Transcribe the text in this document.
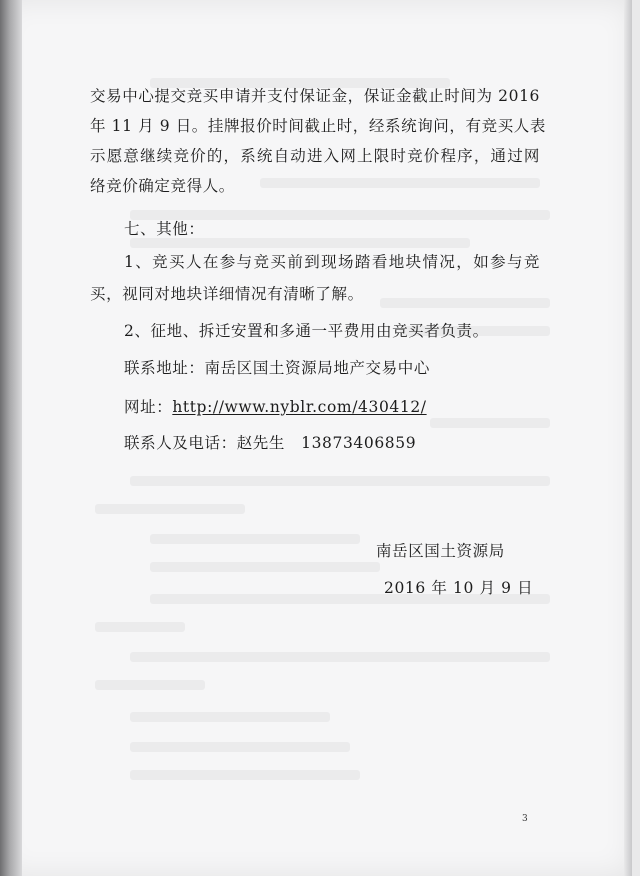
交易中心提交竞买申请并支付保证金，保证金截止时间为 2016
年 11 月 9 日。挂牌报价时间截止时，经系统询问，有竞买人表
示愿意继续竞价的，系统自动进入网上限时竞价程序，通过网
络竞价确定竞得人。
七、其他：
1、竞买人在参与竞买前到现场踏看地块情况，如参与竞
买，视同对地块详细情况有清晰了解。
2、征地、拆迁安置和多通一平费用由竞买者负责。
联系地址：南岳区国土资源局地产交易中心
网址：http://www.nyblr.com/430412/
联系人及电话：赵先生　13873406859
南岳区国土资源局
2016 年 10 月 9 日
3
